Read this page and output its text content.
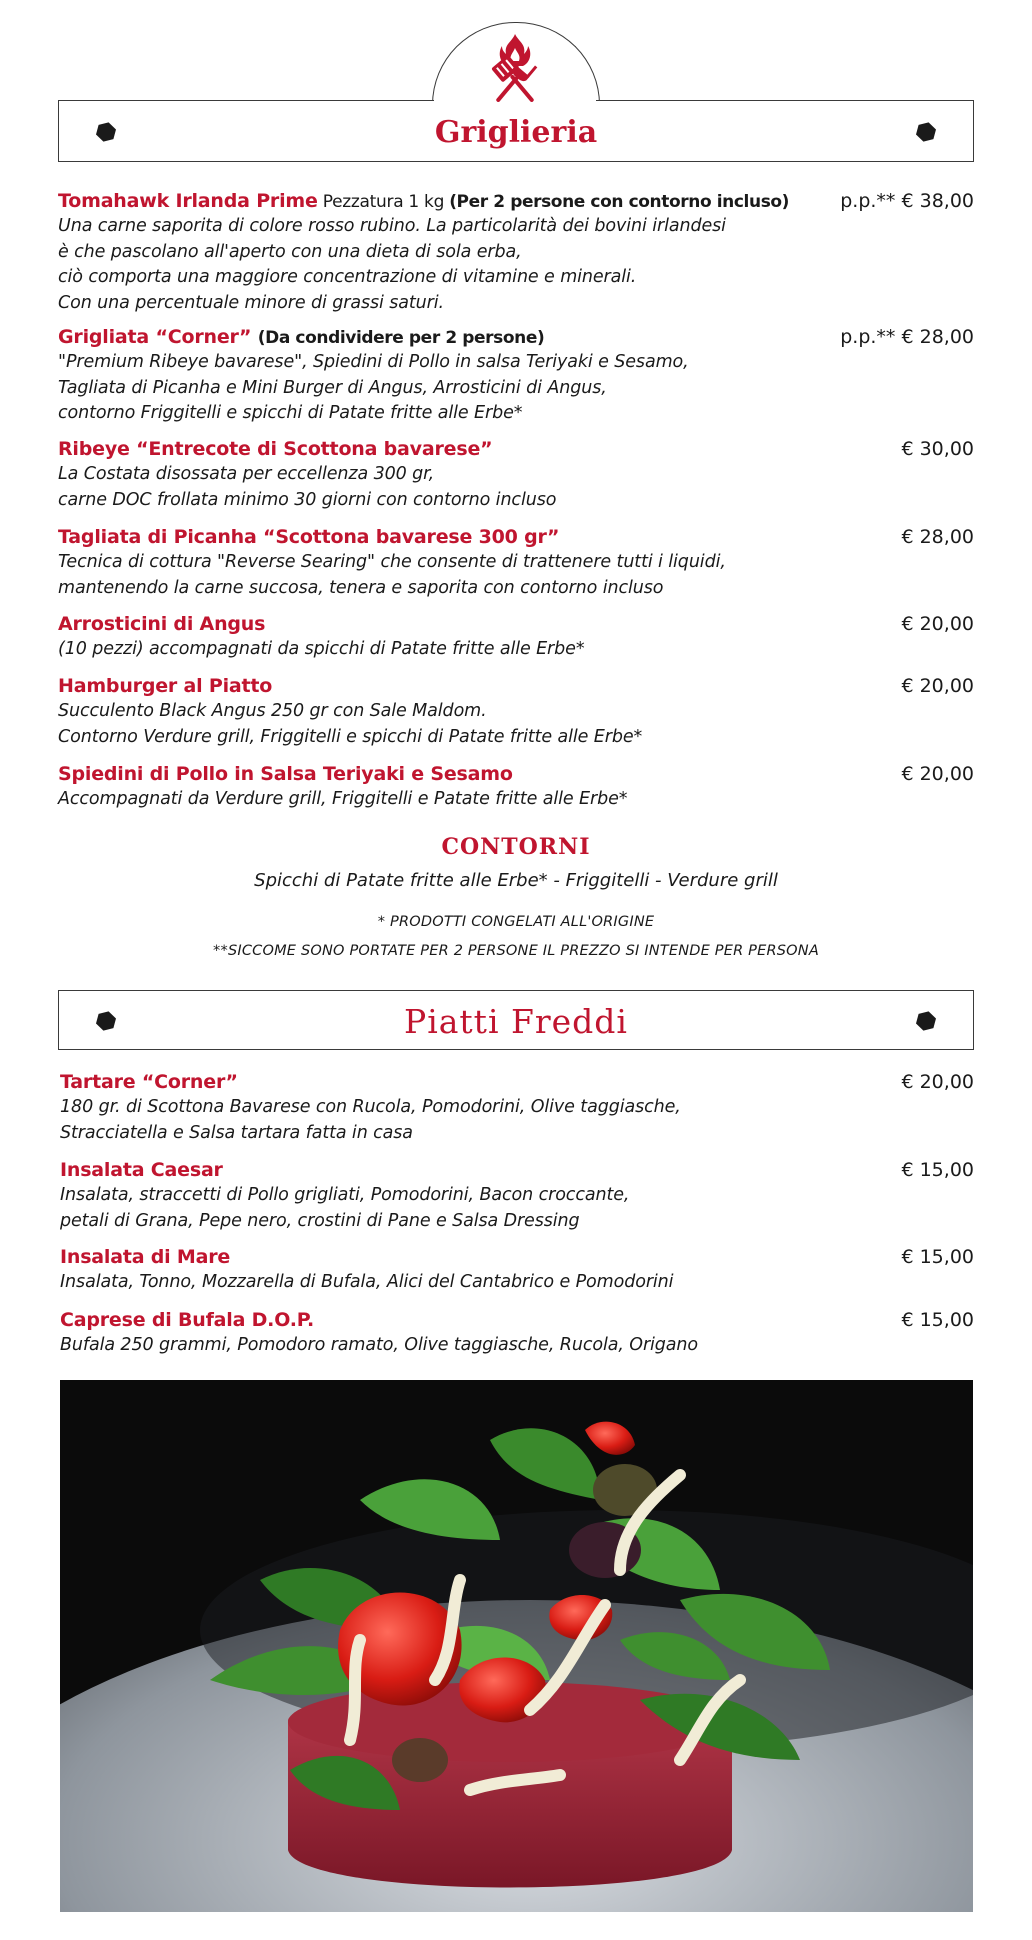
Griglieria
Tomahawk Irlanda Prime Pezzatura 1 kg (Per 2 persone con contorno incluso)	p.p.** € 38,00
Una carne saporita di colore rosso rubino. La particolarità dei bovini irlandesi
è che pascolano all'aperto con una dieta di sola erba,
ciò comporta una maggiore concentrazione di vitamine e minerali.
Con una percentuale minore di grassi saturi.
Grigliata “Corner” (Da condividere per 2 persone)	p.p.** € 28,00
"Premium Ribeye bavarese", Spiedini di Pollo in salsa Teriyaki e Sesamo,
Tagliata di Picanha e Mini Burger di Angus, Arrosticini di Angus,
contorno Friggitelli e spicchi di Patate fritte alle Erbe*
Ribeye “Entrecote di Scottona bavarese”	€ 30,00
La Costata disossata per eccellenza 300 gr,
carne DOC frollata minimo 30 giorni con contorno incluso
Tagliata di Picanha “Scottona bavarese 300 gr”	€ 28,00
Tecnica di cottura "Reverse Searing" che consente di trattenere tutti i liquidi,
mantenendo la carne succosa, tenera e saporita con contorno incluso
Arrosticini di Angus	€ 20,00
(10 pezzi) accompagnati da spicchi di Patate fritte alle Erbe*
Hamburger al Piatto	€ 20,00
Succulento Black Angus 250 gr con Sale Maldom.
Contorno Verdure grill, Friggitelli e spicchi di Patate fritte alle Erbe*
Spiedini di Pollo in Salsa Teriyaki e Sesamo	€ 20,00
Accompagnati da Verdure grill, Friggitelli e Patate fritte alle Erbe*
CONTORNI
Spicchi di Patate fritte alle Erbe* - Friggitelli - Verdure grill
* PRODOTTI CONGELATI ALL'ORIGINE
**SICCOME SONO PORTATE PER 2 PERSONE IL PREZZO SI INTENDE PER PERSONA
Piatti Freddi
Tartare “Corner”	€ 20,00
180 gr. di Scottona Bavarese con Rucola, Pomodorini, Olive taggiasche,
Stracciatella e Salsa tartara fatta in casa
Insalata Caesar	€ 15,00
Insalata, straccetti di Pollo grigliati, Pomodorini, Bacon croccante,
petali di Grana, Pepe nero, crostini di Pane e Salsa Dressing
Insalata di Mare	€ 15,00
Insalata, Tonno, Mozzarella di Bufala, Alici del Cantabrico e Pomodorini
Caprese di Bufala D.O.P.	€ 15,00
Bufala 250 grammi, Pomodoro ramato, Olive taggiasche, Rucola, Origano
